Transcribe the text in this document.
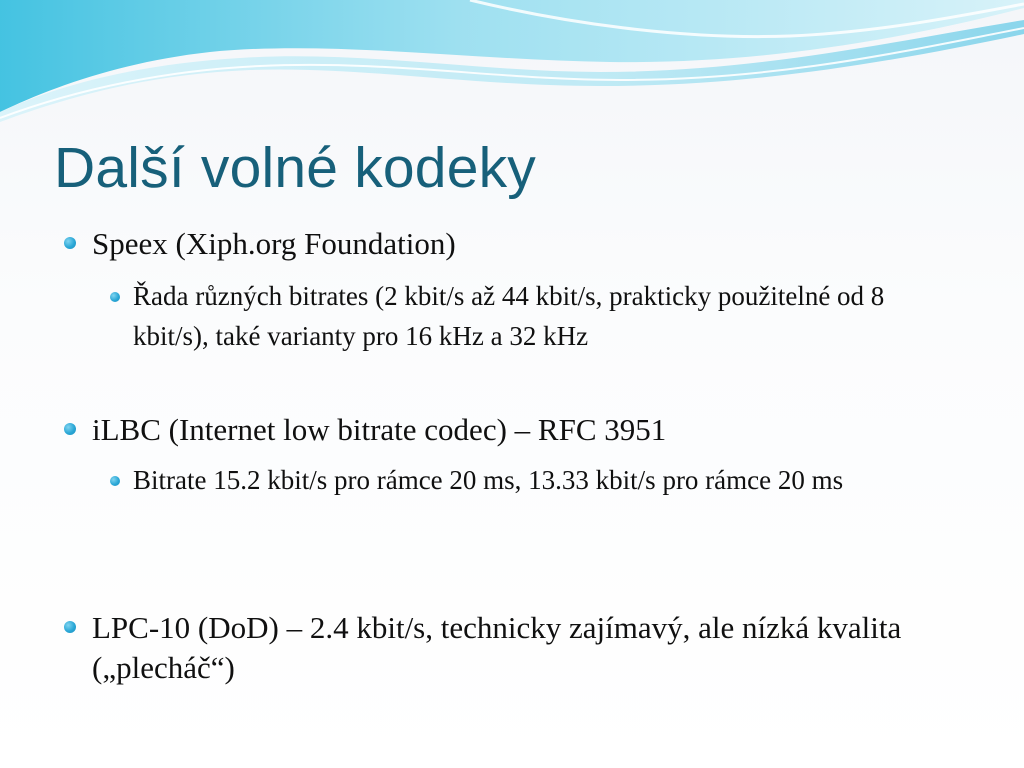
Další volné kodeky
Speex (Xiph.org Foundation)
Řada různých bitrates (2 kbit/s až 44 kbit/s, prakticky použitelné od 8 kbit/s), také varianty pro 16 kHz a 32 kHz
iLBC (Internet low bitrate codec) – RFC 3951
Bitrate 15.2 kbit/s pro rámce 20 ms, 13.33 kbit/s pro rámce 20 ms
LPC-10 (DoD) – 2.4 kbit/s, technicky zajímavý, ale nízká kvalita („plecháč“)
